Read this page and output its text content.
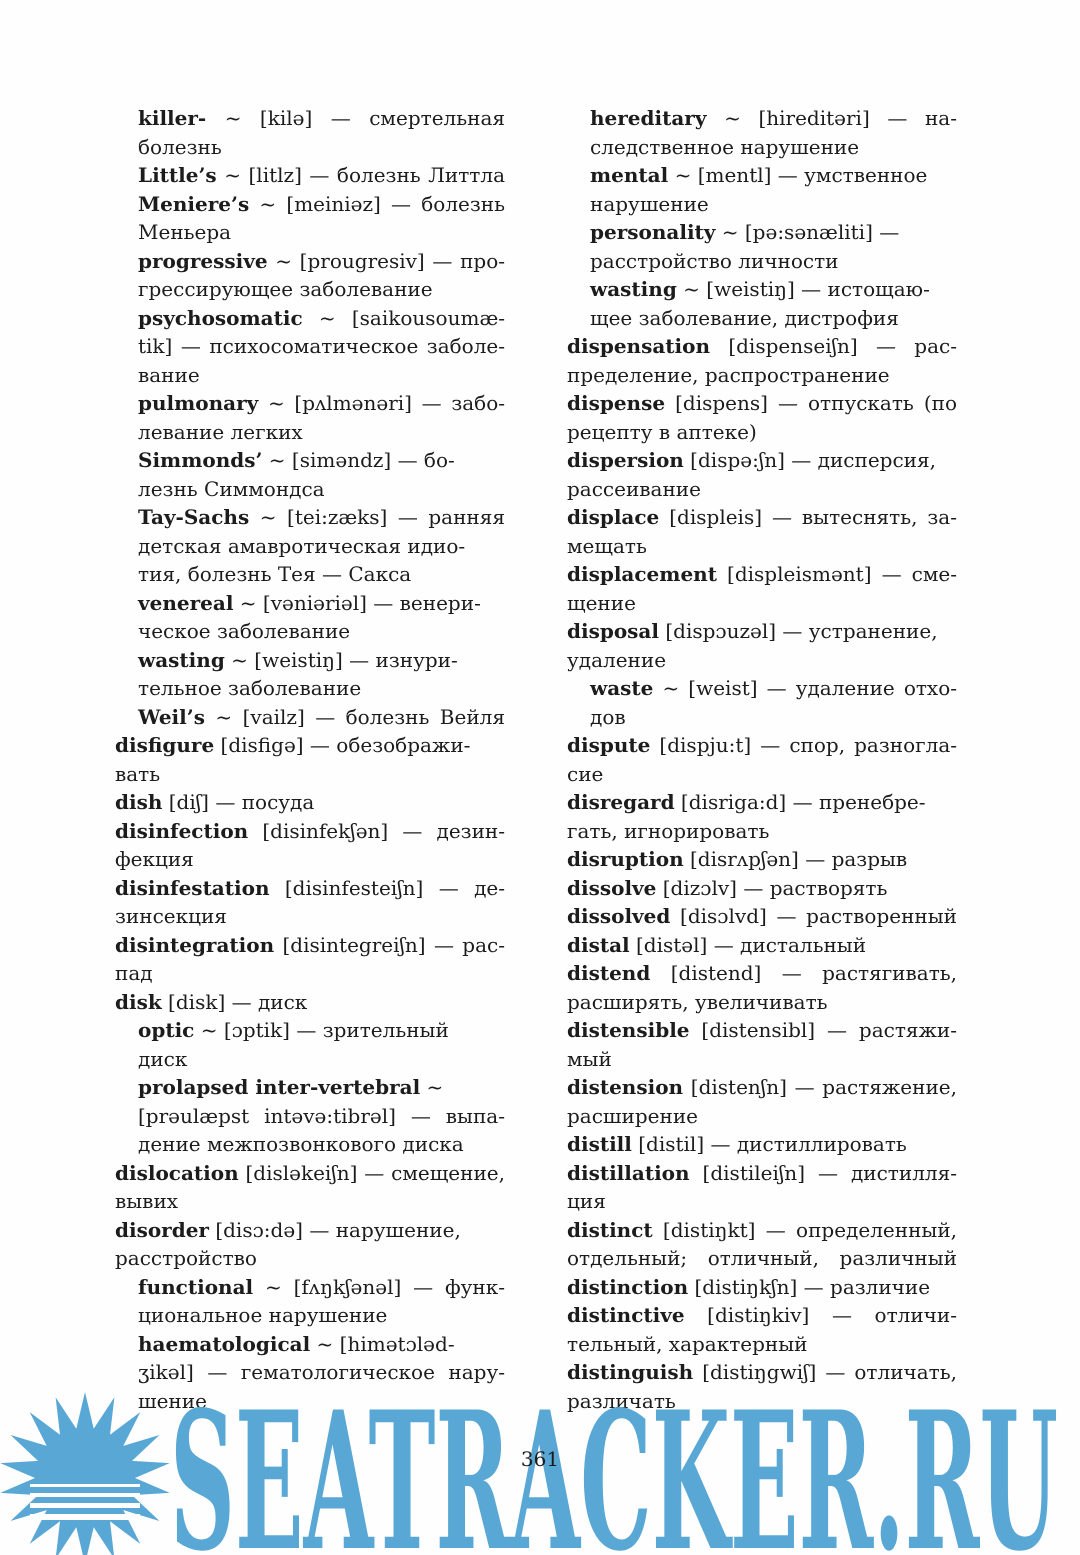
killer- ~ [kilə] — смертельная
болезнь
Little’s ~ [litlz] — болезнь Литтла
Meniere’s ~ [meiniəz] — болезнь
Меньера
progressive ~ [prougresiv] — про-
грессирующее заболевание
psychosomatic ~ [saikousoumæ-
tik] — психосоматическое заболе-
вание
pulmonary ~ [pʌlmənəri] — забо-
левание легких
Simmonds’ ~ [siməndz] — бо-
лезнь Симмондса
Tay-Sachs ~ [tei:zæks] — ранняя
детская амавротическая идио-
тия, болезнь Тея — Сакса
venereal ~ [vəniəriəl] — венери-
ческое заболевание
wasting ~ [weistiŋ] — изнури-
тельное заболевание
Weil’s ~ [vailz] — болезнь Вейля
disfigure [disfigə] — обезображи-
вать
dish [diʃ] — посуда
disinfection [disinfekʃən] — дезин-
фекция
disinfestation [disinfesteiʃn] — де-
зинсекция
disintegration [disintegreiʃn] — рас-
пад
disk [disk] — диск
optic ~ [ɔptik] — зрительный
диск
prolapsed inter-vertebral ~
[prəulæpst intəvə:tibrəl] — выпа-
дение межпозвонкового диска
dislocation [disləkeiʃn] — смещение,
вывих
disorder [disɔ:də] — нарушение,
расстройство
functional ~ [fʌŋkʃənəl] — функ-
циональное нарушение
haematological ~ [himətɔləd-
ʒikəl] — гематологическое нару-
шение
hereditary ~ [hireditəri] — на-
следственное нарушение
mental ~ [mentl] — умственное
нарушение
personality ~ [pə:sənæliti] —
расстройство личности
wasting ~ [weistiŋ] — истощаю-
щее заболевание, дистрофия
dispensation [dispenseiʃn] — рас-
пределение, распространение
dispense [dispens] — отпускать (по
рецепту в аптеке)
dispersion [dispə:ʃn] — дисперсия,
рассеивание
displace [displeis] — вытеснять, за-
мещать
displacement [displeismənt] — сме-
щение
disposal [dispɔuzəl] — устранение,
удаление
waste ~ [weist] — удаление отхо-
дов
dispute [dispju:t] — спор, разногла-
сие
disregard [disriga:d] — пренебре-
гать, игнорировать
disruption [disrʌpʃən] — разрыв
dissolve [dizɔlv] — растворять
dissolved [disɔlvd] — растворенный
distal [distəl] — дистальный
distend [distend] — растягивать,
расширять, увеличивать
distensible [distensibl] — растяжи-
мый
distension [distenʃn] — растяжение,
расширение
distill [distil] — дистиллировать
distillation [distileiʃn] — дистилля-
ция
distinct [distiŋkt] — определенный,
отдельный; отличный, различный
distinction [distiŋkʃn] — различие
distinctive [distiŋkiv] — отличи-
тельный, характерный
distinguish [distiŋgwiʃ] — отличать,
различать
SEATRACKER.RU
361
